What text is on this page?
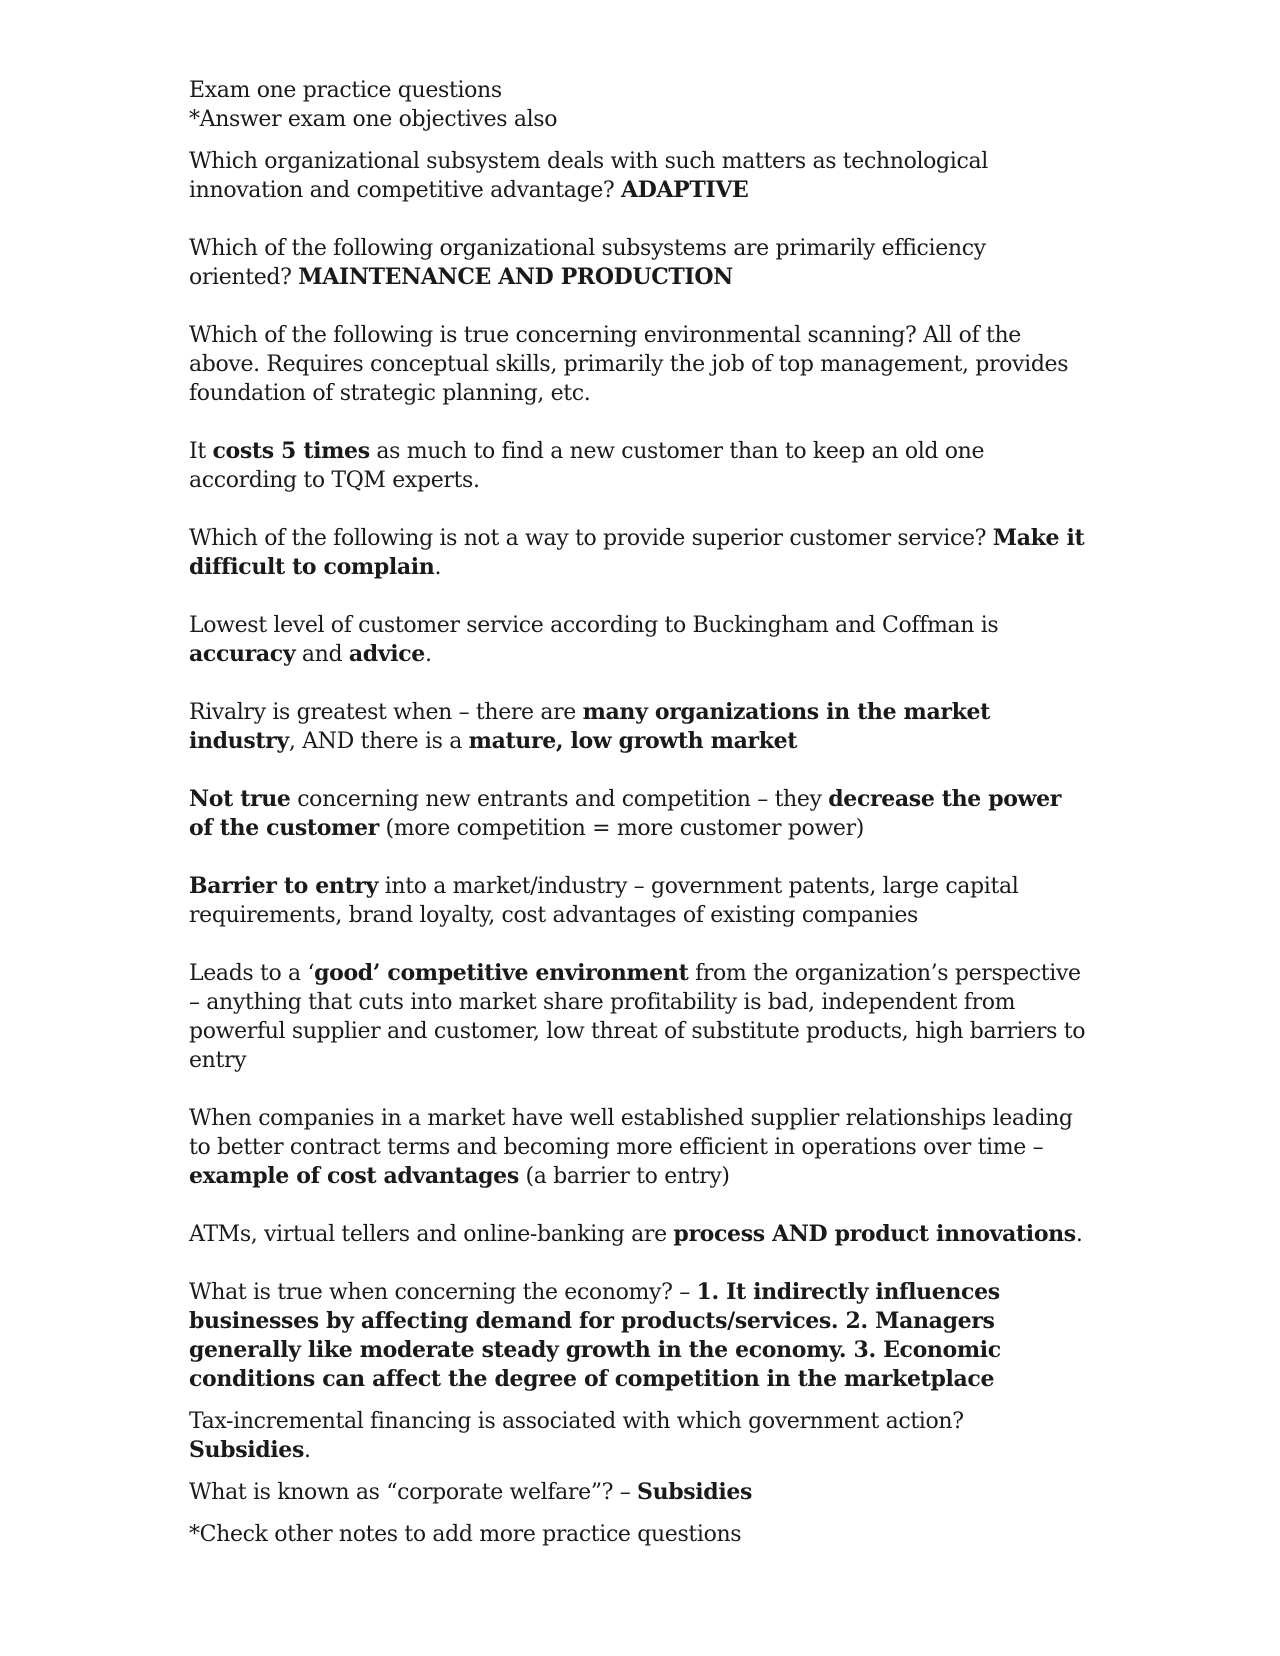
Exam one practice questions

*Answer exam one objectives also

Which organizational subsystem deals with such matters as technological innovation and competitive advantage? ADAPTIVE

Which of the following organizational subsystems are primarily efficiency oriented? MAINTENANCE AND PRODUCTION

Which of the following is true concerning environmental scanning? All of the above. Requires conceptual skills, primarily the job of top management, provides foundation of strategic planning, etc.

It costs 5 times as much to find a new customer than to keep an old one according to TQM experts.

Which of the following is not a way to provide superior customer service? Make it difficult to complain.

Lowest level of customer service according to Buckingham and Coffman is accuracy and advice.

Rivalry is greatest when – there are many organizations in the market industry, AND there is a mature, low growth market

Not true concerning new entrants and competition – they decrease the power of the customer (more competition = more customer power)

Barrier to entry into a market/industry – government patents, large capital requirements, brand loyalty, cost advantages of existing companies

Leads to a ‘good’ competitive environment from the organization’s perspective – anything that cuts into market share profitability is bad, independent from powerful supplier and customer, low threat of substitute products, high barriers to entry

When companies in a market have well established supplier relationships leading to better contract terms and becoming more efficient in operations over time – example of cost advantages (a barrier to entry)

ATMs, virtual tellers and online-banking are process AND product innovations.

What is true when concerning the economy? – 1. It indirectly influences businesses by affecting demand for products/services. 2. Managers generally like moderate steady growth in the economy. 3. Economic conditions can affect the degree of competition in the marketplace

Tax-incremental financing is associated with which government action? Subsidies.

What is known as “corporate welfare”? – Subsidies

*Check other notes to add more practice questions
